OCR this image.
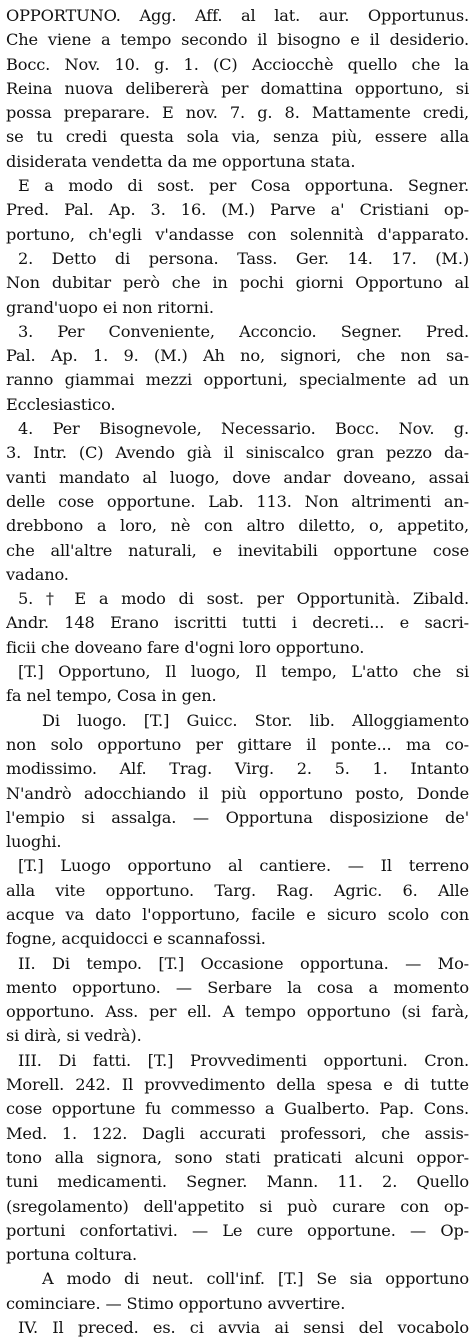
OPPORTUNO. Agg. Aff. al lat. aur. Opportunus.
Che viene a tempo secondo il bisogno e il desiderio.
Bocc. Nov. 10. g. 1. (C) Acciocchè quello che la
Reina nuova delibererà per domattina opportuno, si
possa preparare. E nov. 7. g. 8. Mattamente credi,
se tu credi questa sola via, senza più, essere alla
disiderata vendetta da me opportuna stata.
E a modo di sost. per Cosa opportuna. Segner.
Pred. Pal. Ap. 3. 16. (M.) Parve a' Cristiani op-
portuno, ch'egli v'andasse con solennità d'apparato.
2. Detto di persona. Tass. Ger. 14. 17. (M.)
Non dubitar però che in pochi giorni Opportuno al
grand'uopo ei non ritorni.
3. Per Conveniente, Acconcio. Segner. Pred.
Pal. Ap. 1. 9. (M.) Ah no, signori, che non sa-
ranno giammai mezzi opportuni, specialmente ad un
Ecclesiastico.
4. Per Bisognevole, Necessario. Bocc. Nov. g.
3. Intr. (C) Avendo già il siniscalco gran pezzo da-
vanti mandato al luogo, dove andar doveano, assai
delle cose opportune. Lab. 113. Non altrimenti an-
drebbono a loro, nè con altro diletto, o, appetito,
che all'altre naturali, e inevitabili opportune cose
vadano.
5. † E a modo di sost. per Opportunità. Zibald.
Andr. 148 Erano iscritti tutti i decreti... e sacri-
ficii che doveano fare d'ogni loro opportuno.
[T.] Opportuno, Il luogo, Il tempo, L'atto che si
fa nel tempo, Cosa in gen.
Di luogo. [T.] Guicc. Stor. lib. Alloggiamento
non solo opportuno per gittare il ponte... ma co-
modissimo. Alf. Trag. Virg. 2. 5. 1. Intanto
N'andrò adocchiando il più opportuno posto, Donde
l'empio si assalga. — Opportuna disposizione de'
luoghi.
[T.] Luogo opportuno al cantiere. — Il terreno
alla vite opportuno. Targ. Rag. Agric. 6. Alle
acque va dato l'opportuno, facile e sicuro scolo con
fogne, acquidocci e scannafossi.
II. Di tempo. [T.] Occasione opportuna. — Mo-
mento opportuno. — Serbare la cosa a momento
opportuno. Ass. per ell. A tempo opportuno (si farà,
si dirà, si vedrà).
III. Di fatti. [T.] Provvedimenti opportuni. Cron.
Morell. 242. Il provvedimento della spesa e di tutte
cose opportune fu commesso a Gualberto. Pap. Cons.
Med. 1. 122. Dagli accurati professori, che assis-
tono alla signora, sono stati praticati alcuni oppor-
tuni medicamenti. Segner. Mann. 11. 2. Quello
(sregolamento) dell'appetito si può curare con op-
portuni confortativi. — Le cure opportune. — Op-
portuna coltura.
A modo di neut. coll'inf. [T.] Se sia opportuno
cominciare. — Stimo opportuno avvertire.
IV. Il preced. es. ci avvia ai sensi del vocabolo
